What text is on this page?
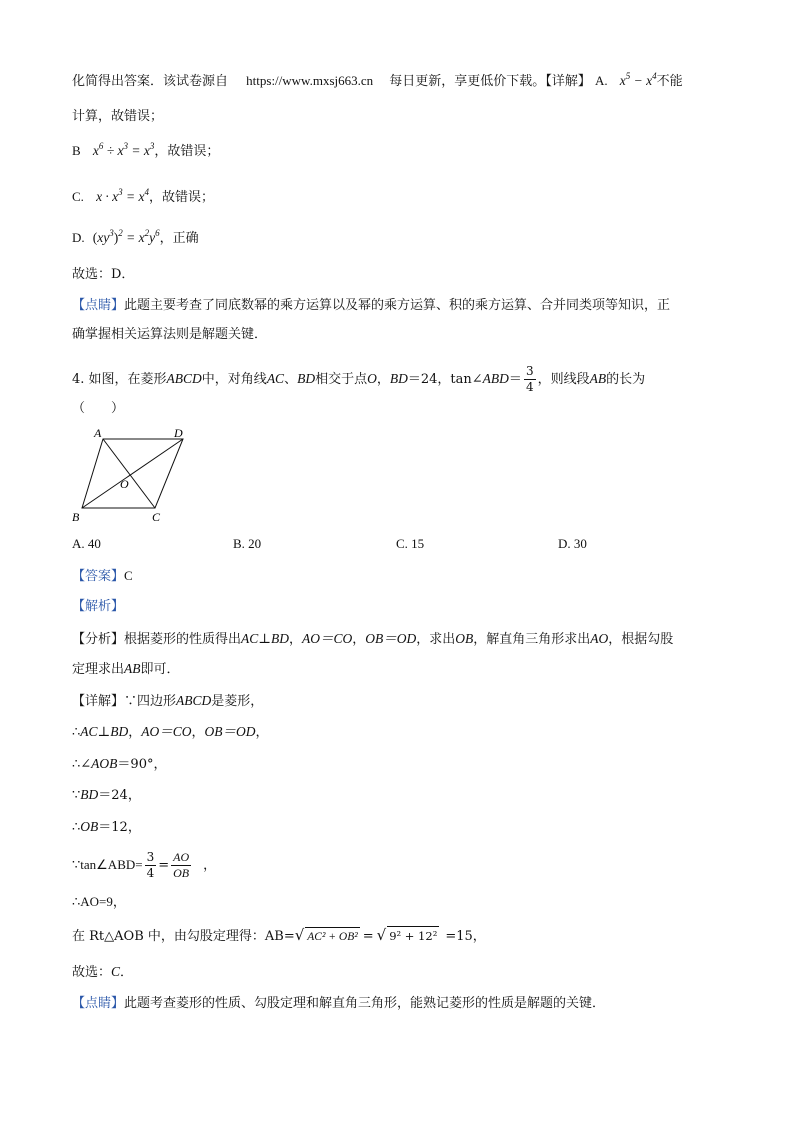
化简得出答案．该试卷源自 https://www.mxsj663.cn 每日更新，享更低价下载。【详解】 A. $x^5 - x^4$不能
计算，故错误；
B $x^6 \div x^3 = x^3$，故错误；
C. $x \cdot x^3 = x^4$，故错误；
D. $(xy^3)^2 = x^2y^6$，正确
故选：D．
【点睛】此题主要考查了同底数幂的乘方运算以及幂的乘方运算、积的乘方运算、合并同类项等知识，正
确掌握相关运算法则是解题关键．
4. 如图，在菱形ABCD中，对角线AC、BD相交于点O，BD＝24，tan∠ABD＝ $\frac{3}{4}$ ，则线段AB的长为
（　　）
A	D
O
B	C
A. 40	B. 20	C. 15	D. 30
【答案】C
【解析】
【分析】根据菱形的性质得出AC⊥BD，AO＝CO，OB＝OD，求出OB，解直角三角形求出AO，根据勾股
定理求出AB即可．
【详解】∵四边形ABCD是菱形，
∴AC⊥BD，AO＝CO，OB＝OD，
∴∠AOB＝90°，
∵BD＝24，
∴OB＝12，
∵tan∠ABD= $\frac{3}{4} = \frac{AO}{OB}$ ，
∴AO=9，
在 Rt△AOB 中，由勾股定理得：AB=√ AC² + OB² = √ 9² + 12² =15，
故选：C．
【点睛】此题考查菱形的性质、勾股定理和解直角三角形，能熟记菱形的性质是解题的关键．
